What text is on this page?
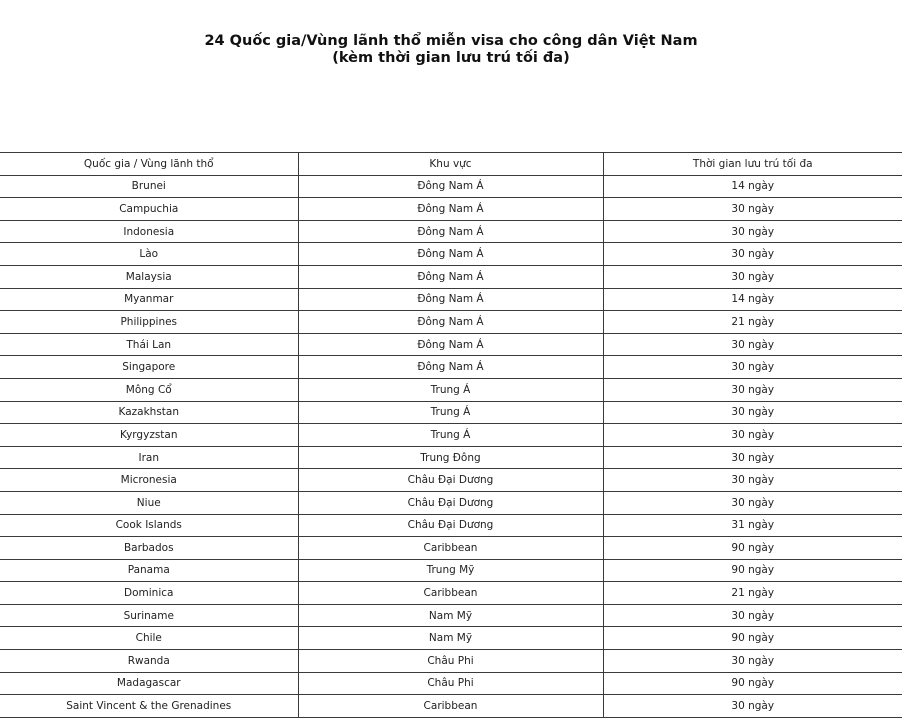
24 Quốc gia/Vùng lãnh thổ miễn visa cho công dân Việt Nam
(kèm thời gian lưu trú tối đa)
Quốc gia / Vùng lãnh thổ	Khu vực	Thời gian lưu trú tối đa
Brunei	Đông Nam Á	14 ngày
Campuchia	Đông Nam Á	30 ngày
Indonesia	Đông Nam Á	30 ngày
Lào	Đông Nam Á	30 ngày
Malaysia	Đông Nam Á	30 ngày
Myanmar	Đông Nam Á	14 ngày
Philippines	Đông Nam Á	21 ngày
Thái Lan	Đông Nam Á	30 ngày
Singapore	Đông Nam Á	30 ngày
Mông Cổ	Trung Á	30 ngày
Kazakhstan	Trung Á	30 ngày
Kyrgyzstan	Trung Á	30 ngày
Iran	Trung Đông	30 ngày
Micronesia	Châu Đại Dương	30 ngày
Niue	Châu Đại Dương	30 ngày
Cook Islands	Châu Đại Dương	31 ngày
Barbados	Caribbean	90 ngày
Panama	Trung Mỹ	90 ngày
Dominica	Caribbean	21 ngày
Suriname	Nam Mỹ	30 ngày
Chile	Nam Mỹ	90 ngày
Rwanda	Châu Phi	30 ngày
Madagascar	Châu Phi	90 ngày
Saint Vincent & the Grenadines	Caribbean	30 ngày
